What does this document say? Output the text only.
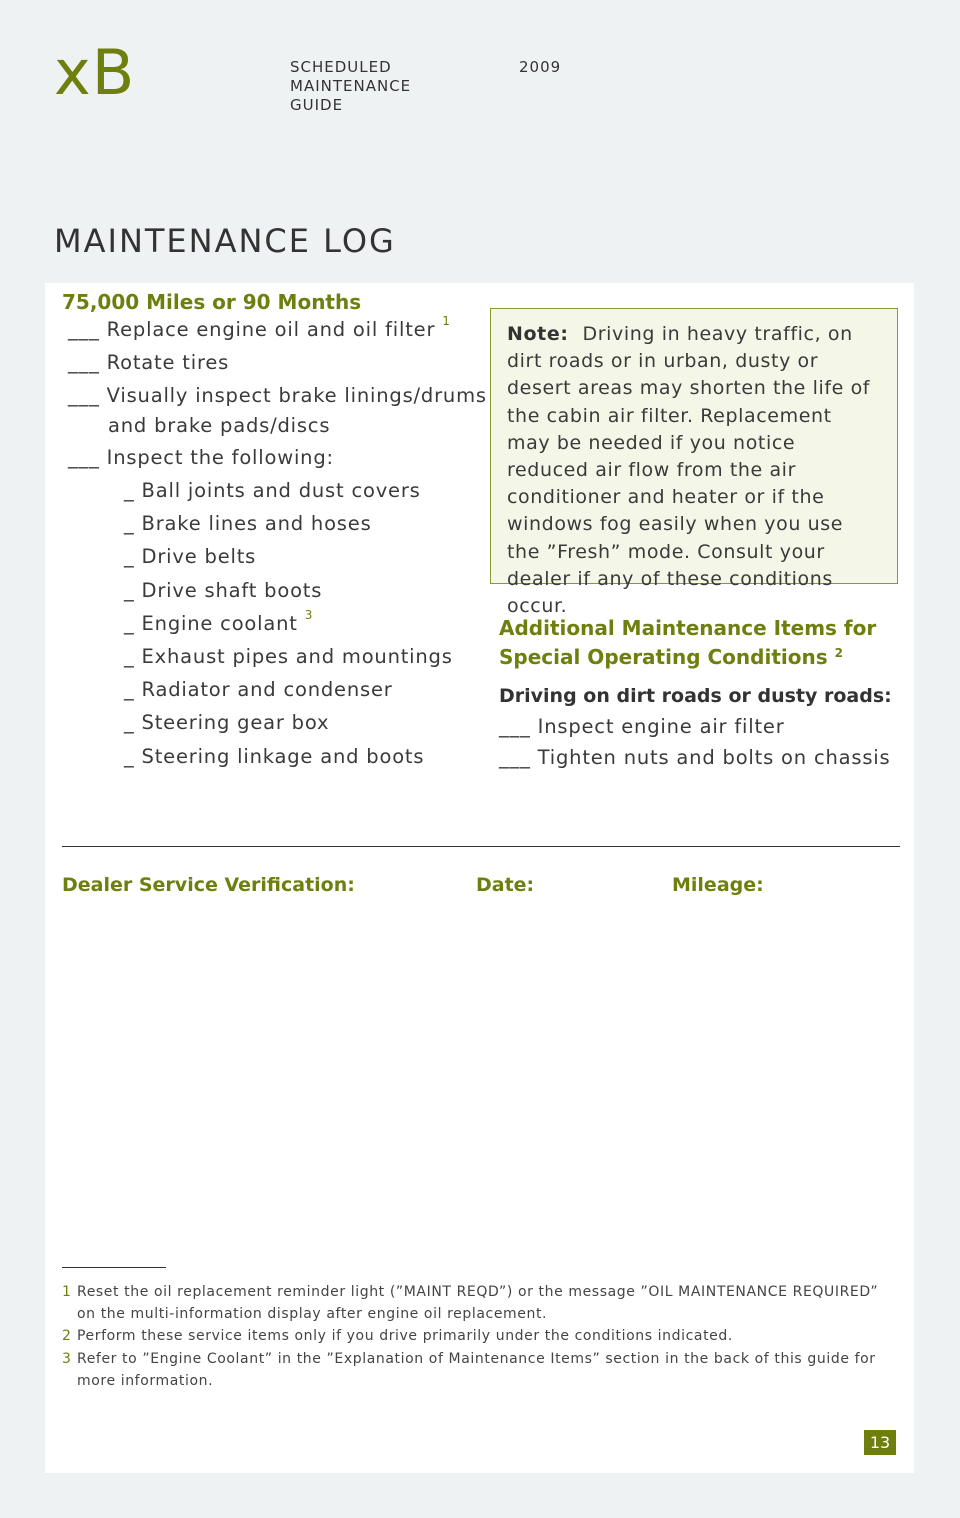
xB	SCHEDULED
MAINTENANCE
GUIDE
2009
MAINTENANCE LOG
75,000 Miles or 90 Months
___ Replace engine oil and oil filter $^1$
___ Rotate tires
___ Visually inspect brake linings/drums
and brake pads/discs
___ Inspect the following:
_ Ball joints and dust covers
_ Brake lines and hoses
_ Drive belts
_ Drive shaft boots
_ Engine coolant $^3$
_ Exhaust pipes and mountings
_ Radiator and condenser
_ Steering gear box
_ Steering linkage and boots
Note: Driving in heavy traffic, on dirt roads or in urban, dusty or desert areas may shorten the life of the cabin air filter. Replacement may be needed if you notice reduced air flow from the air conditioner and heater or if the windows fog easily when you use the ”Fresh” mode. Consult your dealer if any of these conditions occur.
Additional Maintenance Items for
Special Operating Conditions $^2$
Driving on dirt roads or dusty roads:
___ Inspect engine air filter
___ Tighten nuts and bolts on chassis
Dealer Service Verification:	Date:	Mileage:
1 Reset the oil replacement reminder light (”MAINT REQD”) or the message ”OIL MAINTENANCE REQUIRED”
on the multi-information display after engine oil replacement.
2 Perform these service items only if you drive primarily under the conditions indicated.
3 Refer to ”Engine Coolant” in the ”Explanation of Maintenance Items” section in the back of this guide for
more information.
13
